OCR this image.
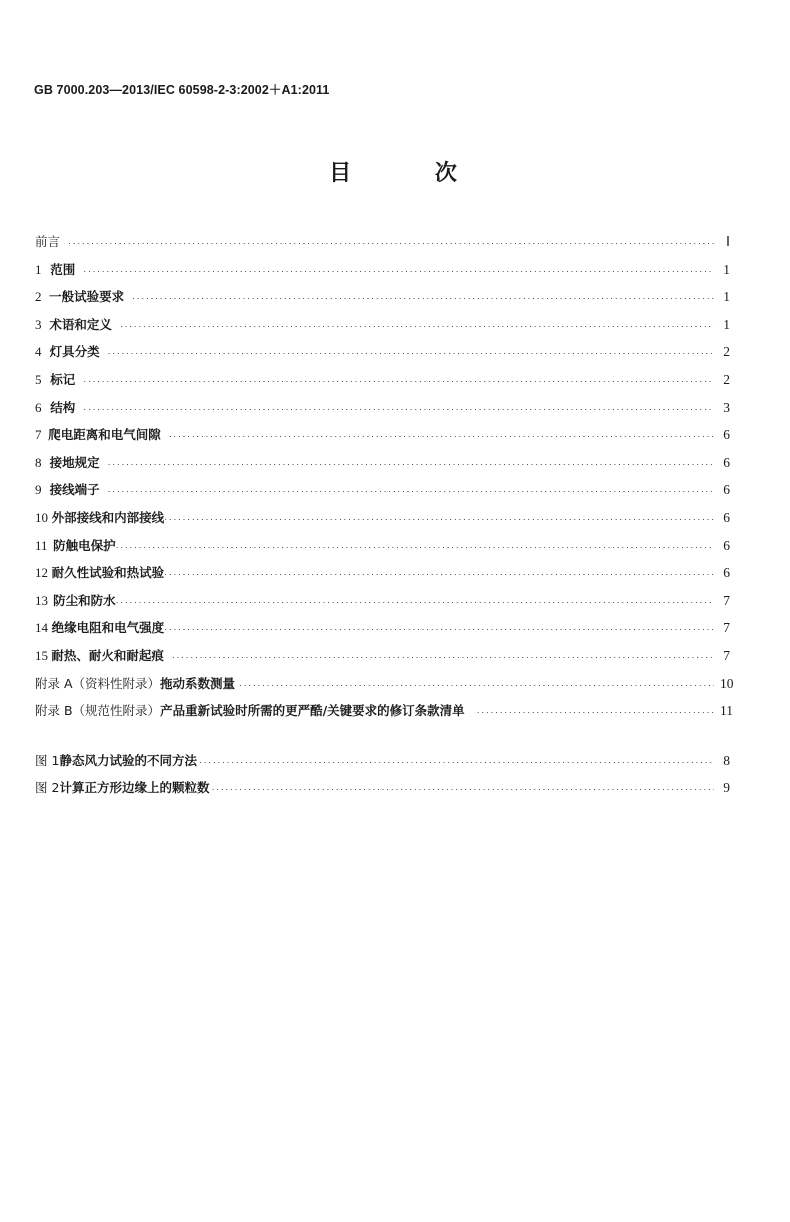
GB 7000.203—2013/IEC 60598-2-3:2002＋A1:2011
目 次
前言 ·····	Ⅰ
1 范围 ·····	1
2 一般试验要求 ·····	1
3 术语和定义 ·····	1
4 灯具分类 ·····	2
5 标记 ·····	2
6 结构 ·····	3
7 爬电距离和电气间隙 ·····	6
8 接地规定 ·····	6
9 接线端子 ·····	6
10 外部接线和内部接线 ·····	6
11 防触电保护 ·····	6
12 耐久性试验和热试验 ·····	6
13 防尘和防水 ·····	7
14 绝缘电阻和电气强度 ·····	7
15 耐热、耐火和耐起痕 ·····	7
附录 A（资料性附录） 拖动系数测量 ·····	10
附录 B（规范性附录） 产品重新试验时所需的更严酷/关键要求的修订条款清单 ·····	11
图 1 静态风力试验的不同方法 ·····	8
图 2 计算正方形边缘上的颗粒数 ·····	9
